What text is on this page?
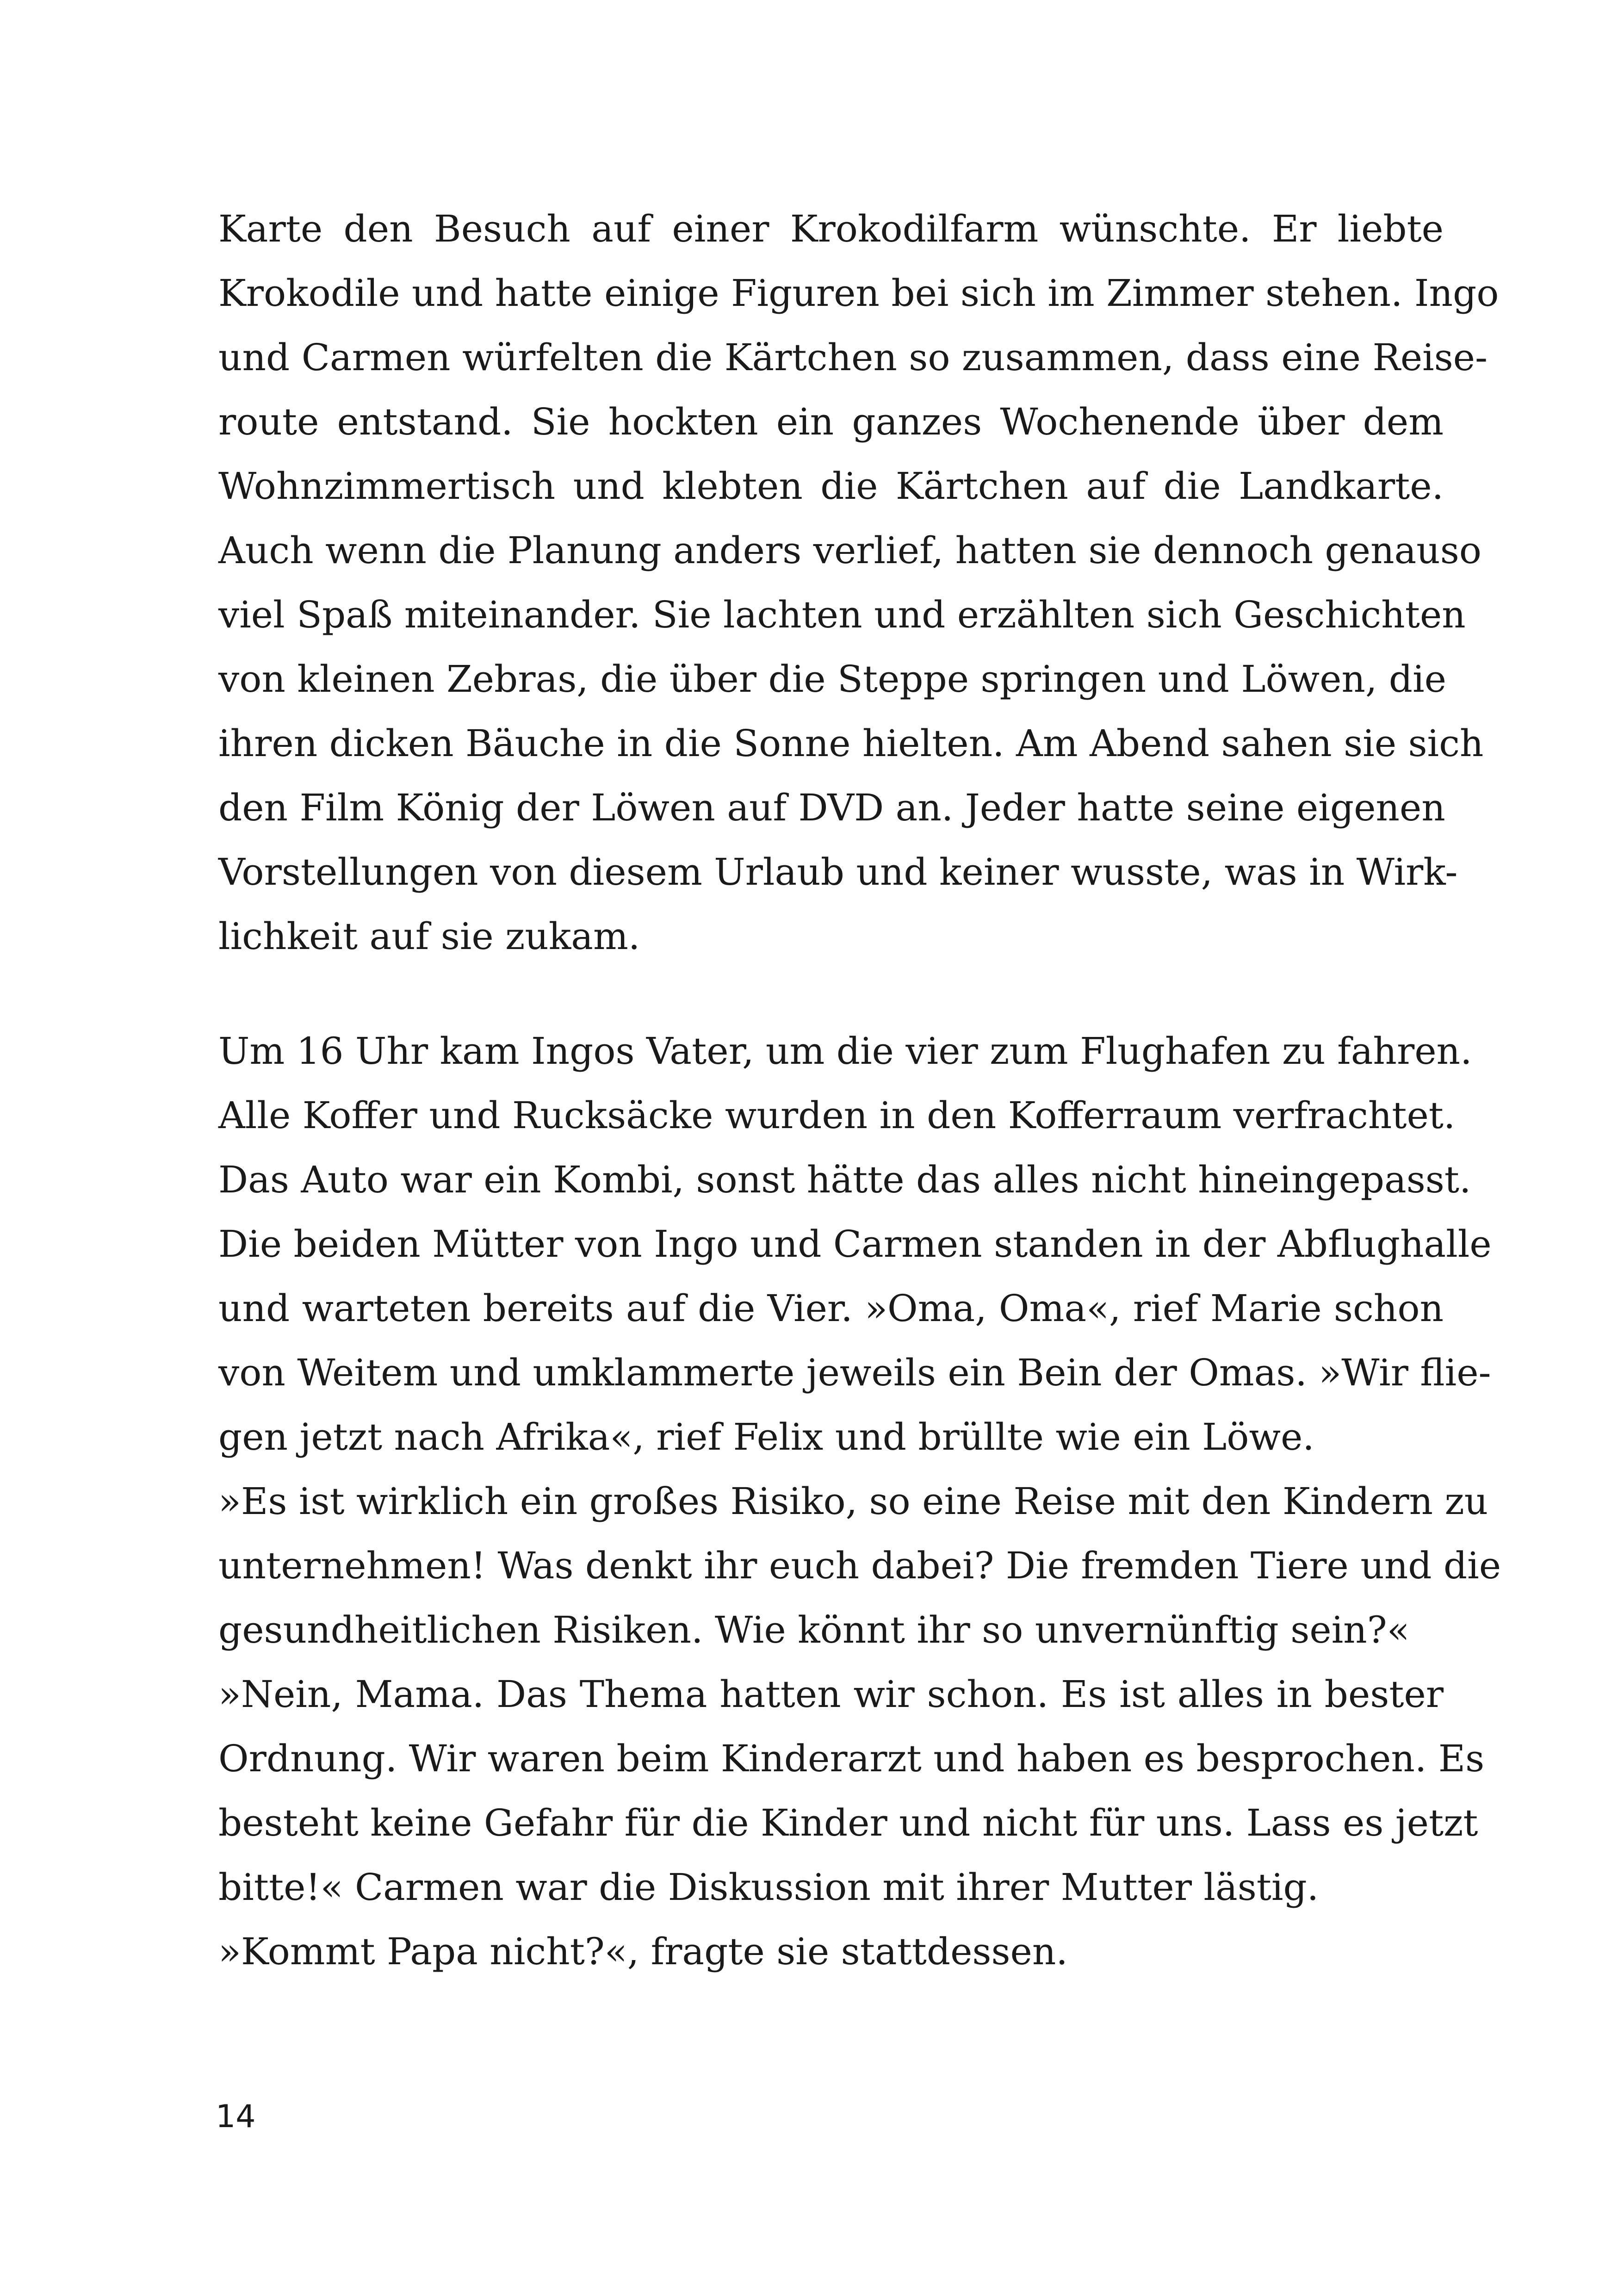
Karte den Besuch auf einer Krokodilfarm wünschte. Er liebte
Krokodile und hatte einige Figuren bei sich im Zimmer stehen. Ingo
und Carmen würfelten die Kärtchen so zusammen, dass eine Reise-
route entstand. Sie hockten ein ganzes Wochenende über dem
Wohnzimmertisch und klebten die Kärtchen auf die Landkarte.
Auch wenn die Planung anders verlief, hatten sie dennoch genauso
viel Spaß miteinander. Sie lachten und erzählten sich Geschichten
von kleinen Zebras, die über die Steppe springen und Löwen, die
ihren dicken Bäuche in die Sonne hielten. Am Abend sahen sie sich
den Film König der Löwen auf DVD an. Jeder hatte seine eigenen
Vorstellungen von diesem Urlaub und keiner wusste, was in Wirk-
lichkeit auf sie zukam.
Um 16 Uhr kam Ingos Vater, um die vier zum Flughafen zu fahren.
Alle Koffer und Rucksäcke wurden in den Kofferraum verfrachtet.
Das Auto war ein Kombi, sonst hätte das alles nicht hineingepasst.
Die beiden Mütter von Ingo und Carmen standen in der Abflughalle
und warteten bereits auf die Vier. »Oma, Oma«, rief Marie schon
von Weitem und umklammerte jeweils ein Bein der Omas. »Wir flie-
gen jetzt nach Afrika«, rief Felix und brüllte wie ein Löwe.
»Es ist wirklich ein großes Risiko, so eine Reise mit den Kindern zu
unternehmen! Was denkt ihr euch dabei? Die fremden Tiere und die
gesundheitlichen Risiken. Wie könnt ihr so unvernünftig sein?«
»Nein, Mama. Das Thema hatten wir schon. Es ist alles in bester
Ordnung. Wir waren beim Kinderarzt und haben es besprochen. Es
besteht keine Gefahr für die Kinder und nicht für uns. Lass es jetzt
bitte!« Carmen war die Diskussion mit ihrer Mutter lästig.
»Kommt Papa nicht?«, fragte sie stattdessen.
14
